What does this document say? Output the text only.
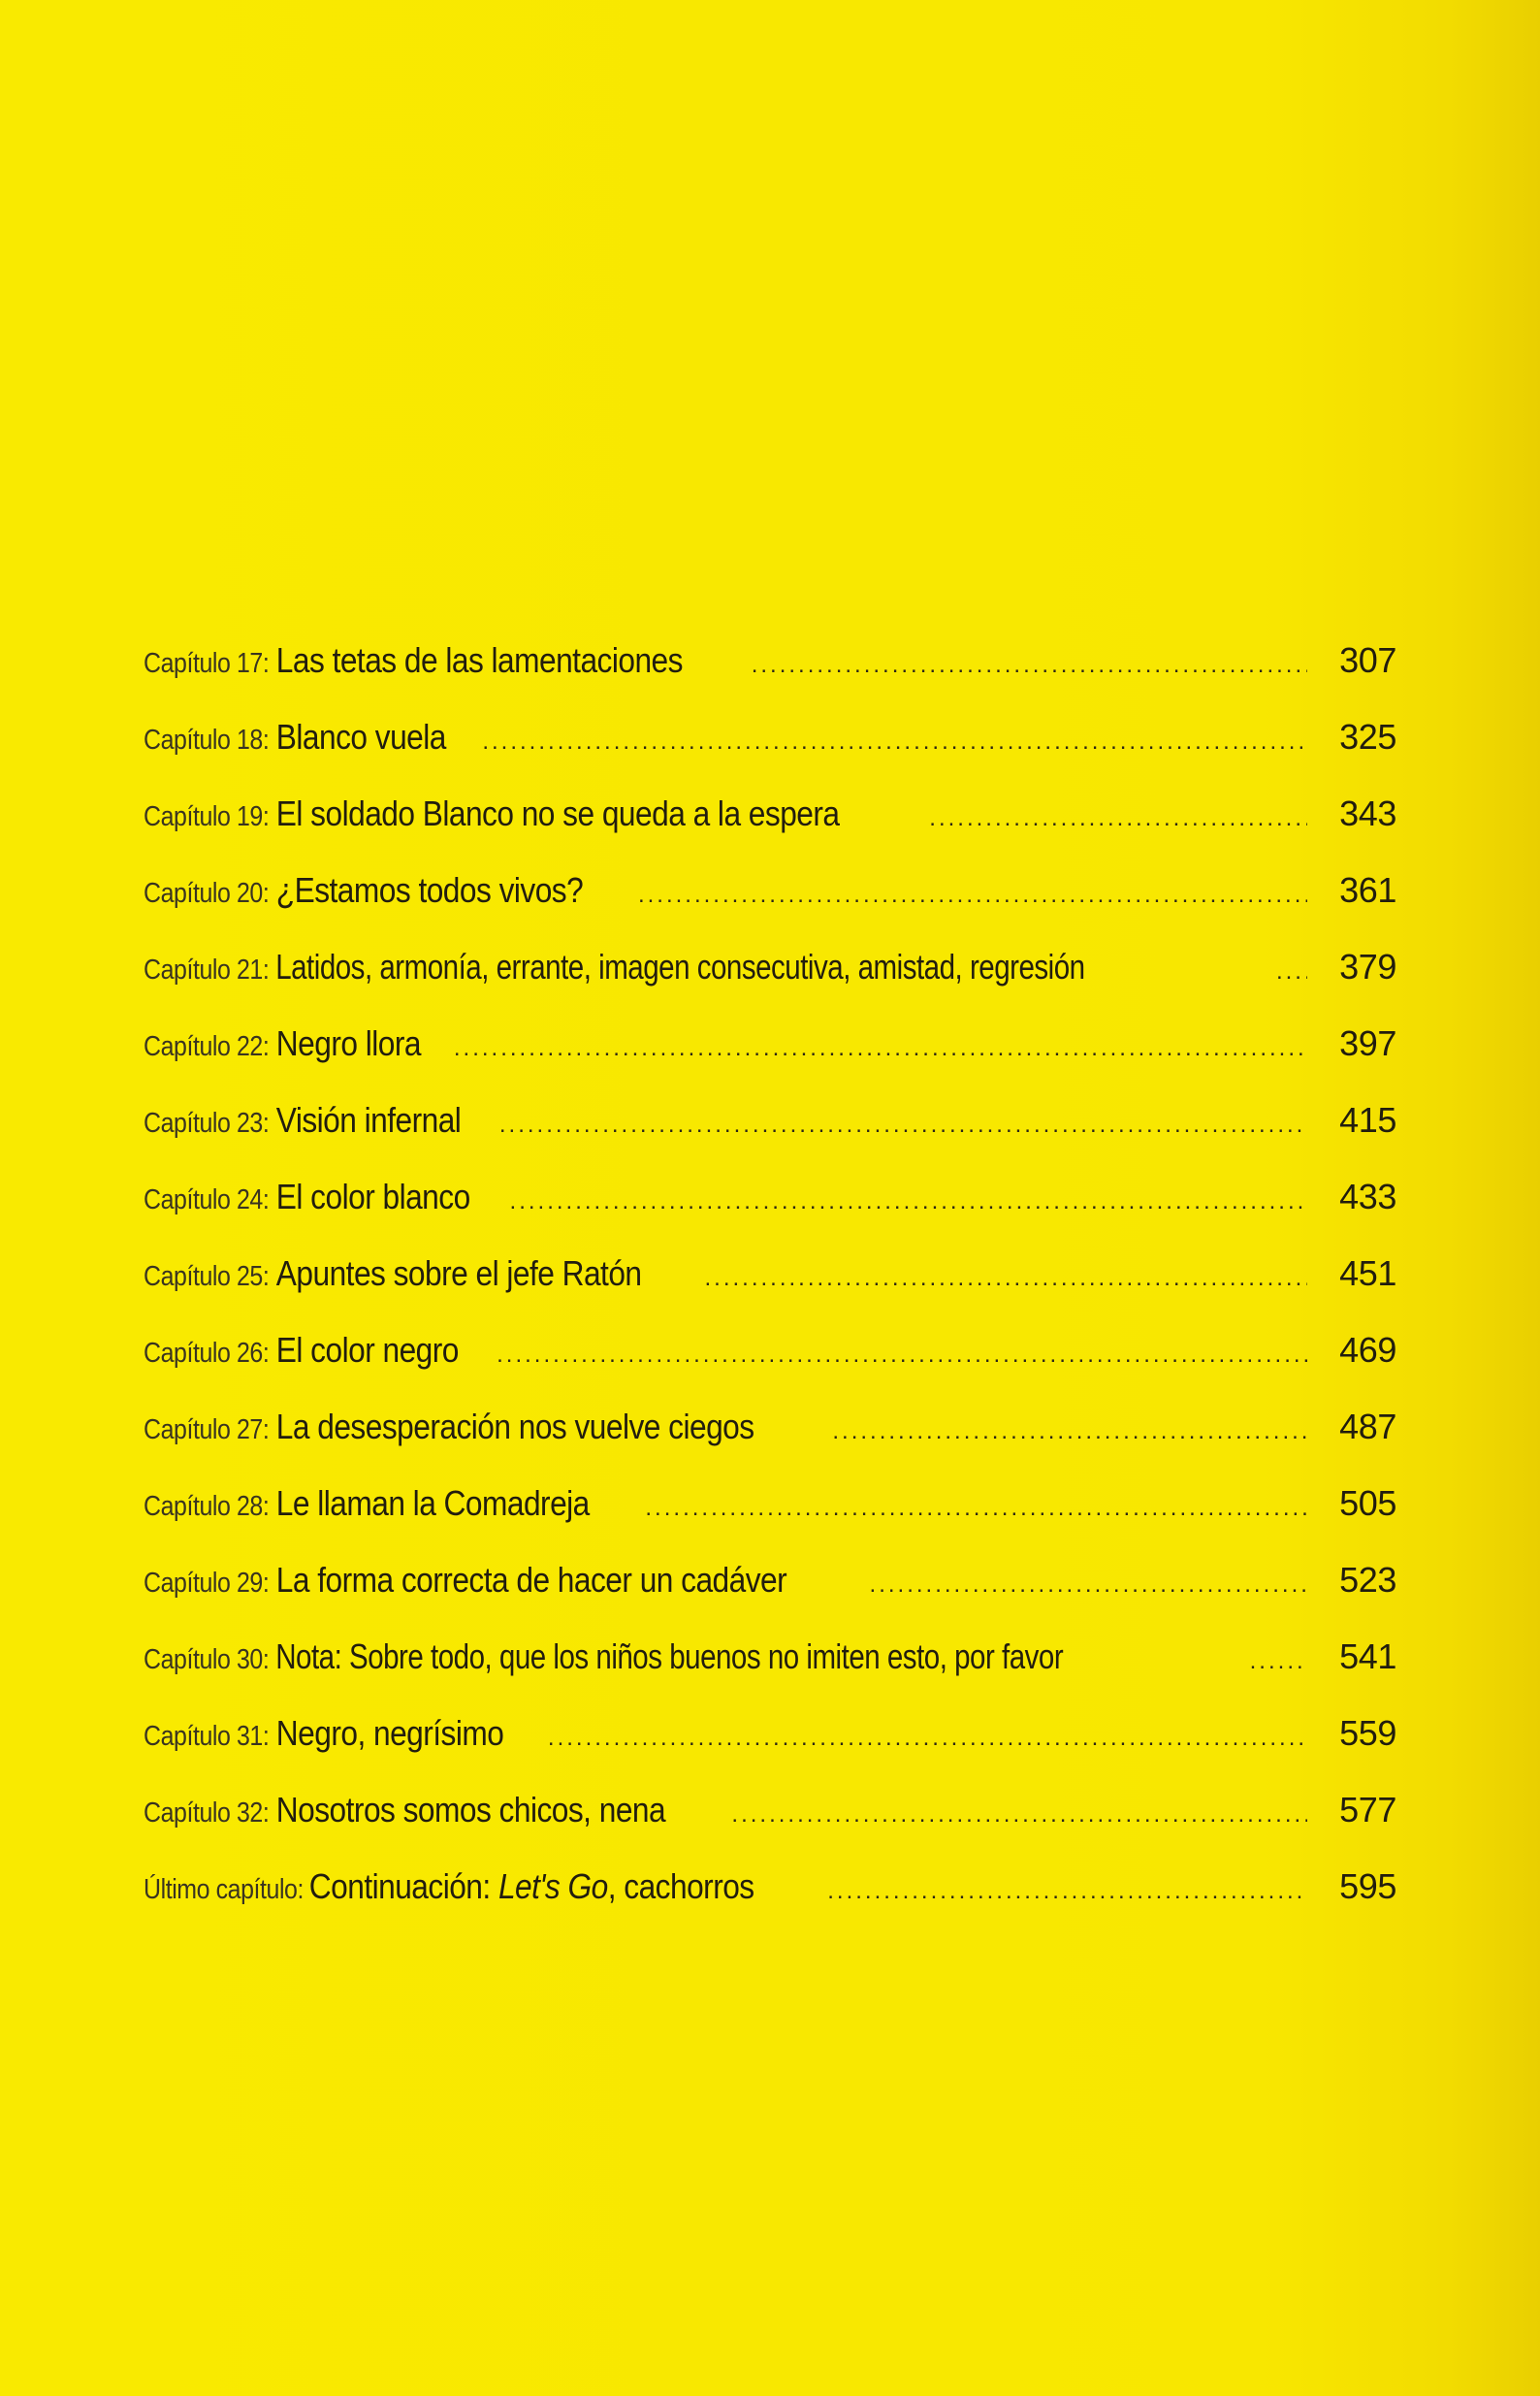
Capítulo 17: Las tetas de las lamentaciones .....	307
Capítulo 18: Blanco vuela .....	325
Capítulo 19: El soldado Blanco no se queda a la espera .....	343
Capítulo 20: ¿Estamos todos vivos? .....	361
Capítulo 21: Latidos, armonía, errante, imagen consecutiva, amistad, regresión .....	379
Capítulo 22: Negro llora .....	397
Capítulo 23: Visión infernal .....	415
Capítulo 24: El color blanco .....	433
Capítulo 25: Apuntes sobre el jefe Ratón .....	451
Capítulo 26: El color negro .....	469
Capítulo 27: La desesperación nos vuelve ciegos .....	487
Capítulo 28: Le llaman la Comadreja .....	505
Capítulo 29: La forma correcta de hacer un cadáver .....	523
Capítulo 30: Nota: Sobre todo, que los niños buenos no imiten esto, por favor .....	541
Capítulo 31: Negro, negrísimo .....	559
Capítulo 32: Nosotros somos chicos, nena .....	577
Último capítulo: Continuación: Let's Go, cachorros .....	595
